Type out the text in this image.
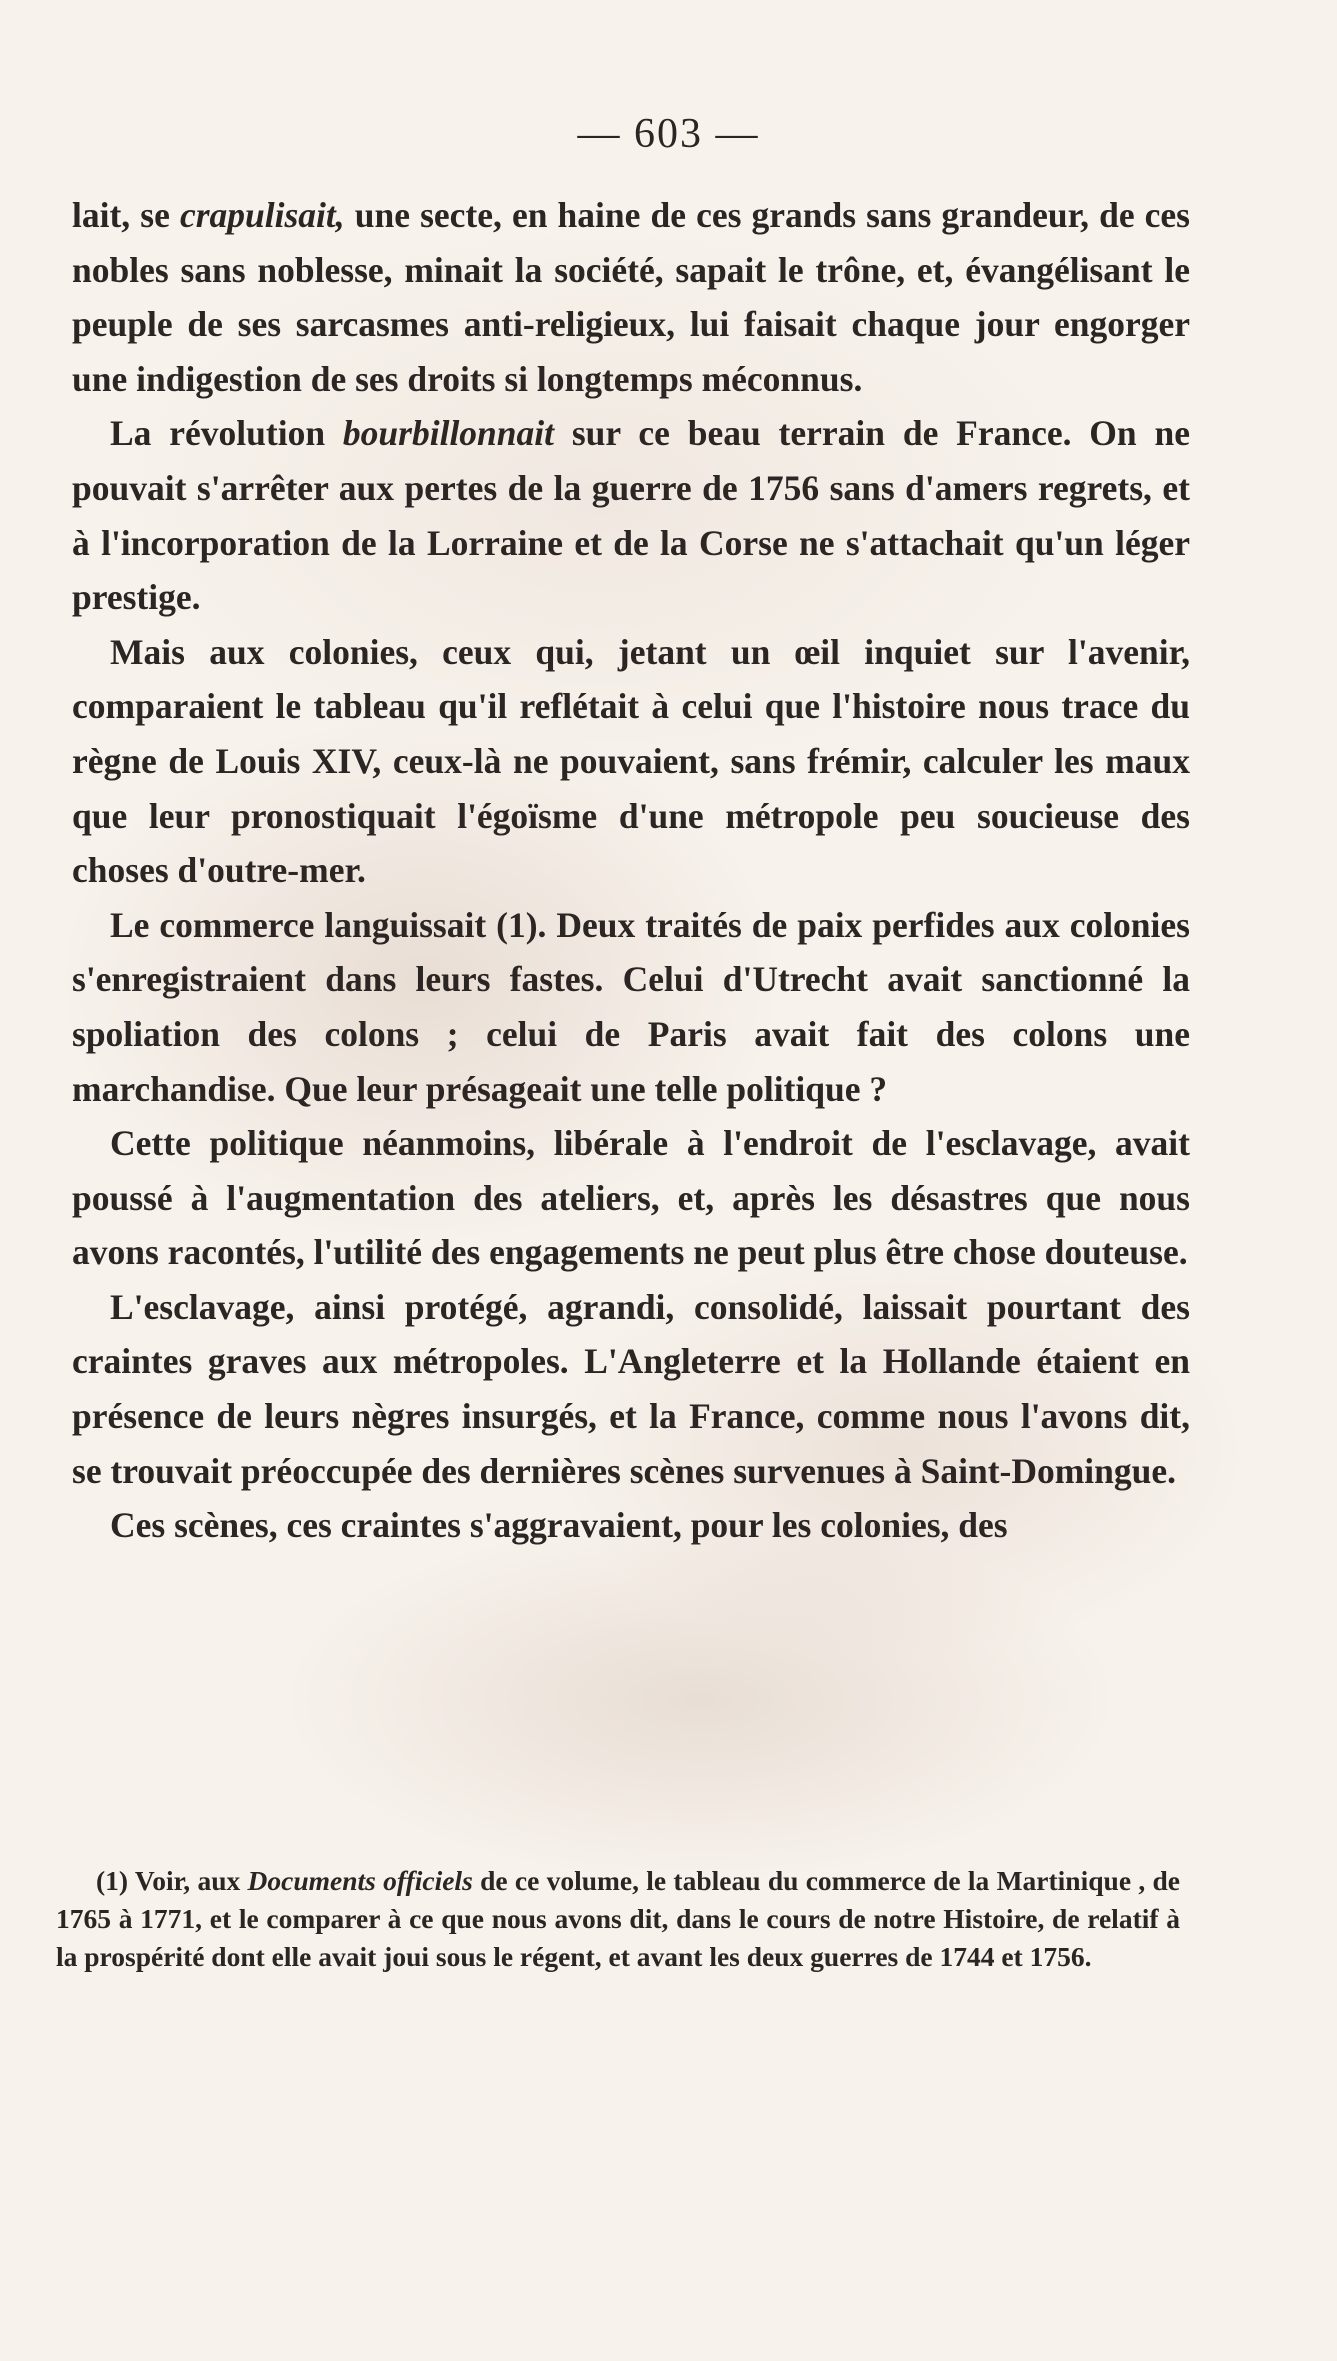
— 603 —

lait, se crapulisait, une secte, en haine de ces grands sans grandeur, de ces nobles sans noblesse, minait la société, sapait le trône, et, évangélisant le peuple de ses sarcasmes anti-religieux, lui faisait chaque jour engorger une indigestion de ses droits si longtemps méconnus.

La révolution bourbillonnait sur ce beau terrain de France. On ne pouvait s'arrêter aux pertes de la guerre de 1756 sans d'amers regrets, et à l'incorporation de la Lorraine et de la Corse ne s'attachait qu'un léger prestige.

Mais aux colonies, ceux qui, jetant un œil inquiet sur l'avenir, comparaient le tableau qu'il reflétait à celui que l'histoire nous trace du règne de Louis XIV, ceux-là ne pouvaient, sans frémir, calculer les maux que leur pronostiquait l'égoïsme d'une métropole peu soucieuse des choses d'outre-mer.

Le commerce languissait (1). Deux traités de paix perfides aux colonies s'enregistraient dans leurs fastes. Celui d'Utrecht avait sanctionné la spoliation des colons ; celui de Paris avait fait des colons une marchandise. Que leur présageait une telle politique ?

Cette politique néanmoins, libérale à l'endroit de l'esclavage, avait poussé à l'augmentation des ateliers, et, après les désastres que nous avons racontés, l'utilité des engagements ne peut plus être chose douteuse.

L'esclavage, ainsi protégé, agrandi, consolidé, laissait pourtant des craintes graves aux métropoles. L'Angleterre et la Hollande étaient en présence de leurs nègres insurgés, et la France, comme nous l'avons dit, se trouvait préoccupée des dernières scènes survenues à Saint-Domingue.

Ces scènes, ces craintes s'aggravaient, pour les colonies, des

(1) Voir, aux Documents officiels de ce volume, le tableau du commerce de la Martinique , de 1765 à 1771, et le comparer à ce que nous avons dit, dans le cours de notre Histoire, de relatif à la prospérité dont elle avait joui sous le régent, et avant les deux guerres de 1744 et 1756.
